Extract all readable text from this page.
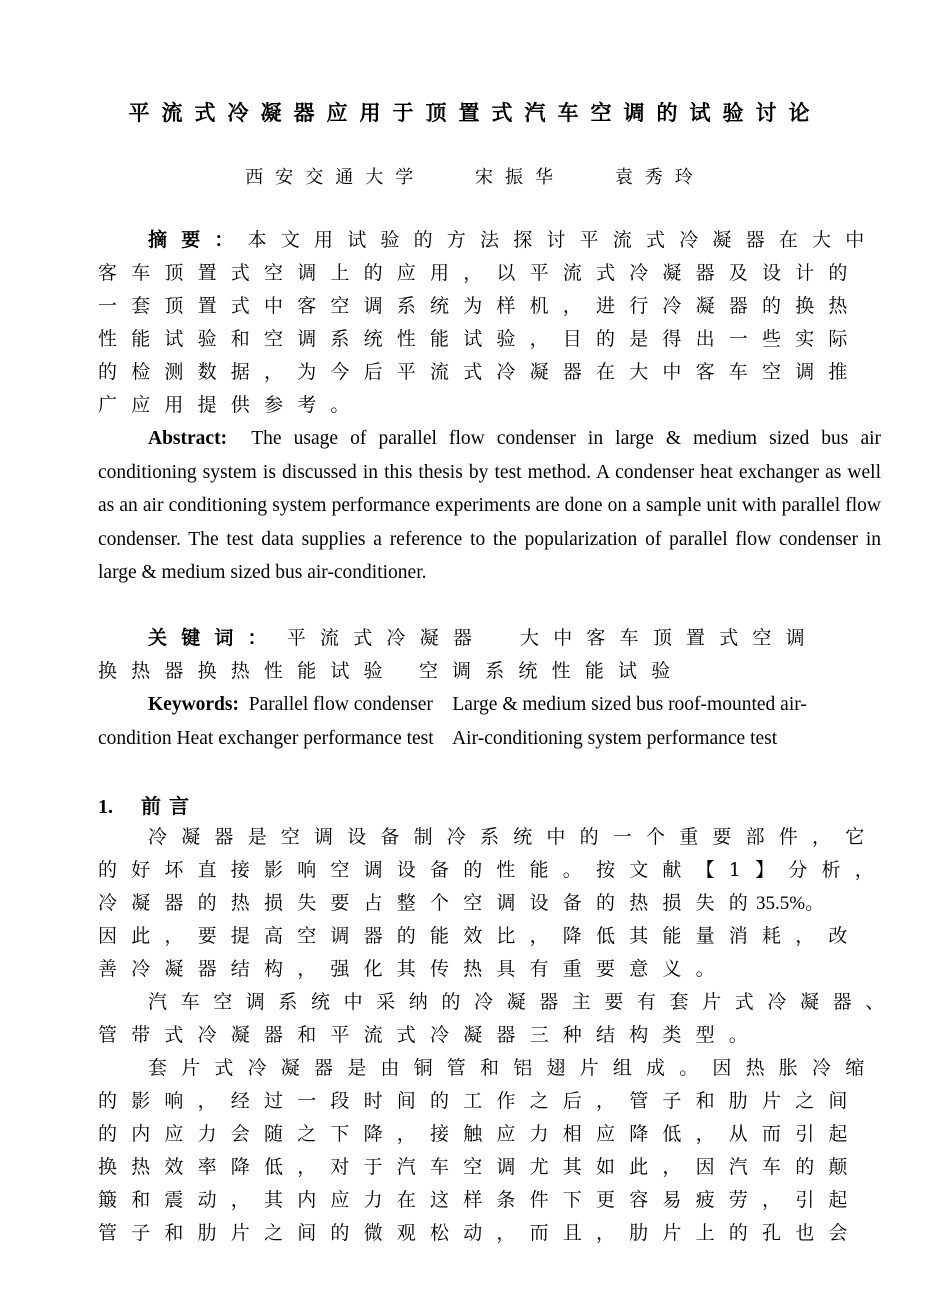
平流式冷凝器应用于顶置式汽车空调的试验讨论
西安交通大学	宋振华	袁秀玲
摘要：本文用试验的方法探讨平流式冷凝器在大中
客车顶置式空调上的应用，以平流式冷凝器及设计的
一套顶置式中客空调系统为样机，进行冷凝器的换热
性能试验和空调系统性能试验，目的是得出一些实际
的检测数据，为今后平流式冷凝器在大中客车空调推
广应用提供参考。
Abstract: The usage of parallel flow condenser in large & medium sized bus air conditioning system is discussed in this thesis by test method. A condenser heat exchanger as well as an air conditioning system performance experiments are done on a sample unit with parallel flow condenser. The test data supplies a reference to the popularization of parallel flow condenser in large & medium sized bus air-conditioner.
关键词： 平流式冷凝器 大中客车顶置式空调
换热器换热性能试验 空调系统性能试验
Keywords: Parallel flow condenser    Large & medium sized bus roof-mounted air-
condition Heat exchanger performance test    Air-conditioning system performance test
1. 前言
冷凝器是空调设备制冷系统中的一个重要部件，它
的好坏直接影响空调设备的性能。按文献【1】分析，
冷凝器的热损失要占整个空调设备的热损失的35.5%。
因此，要提高空调器的能效比，降低其能量消耗，改
善冷凝器结构，强化其传热具有重要意义。
汽车空调系统中采纳的冷凝器主要有套片式冷凝器、
管带式冷凝器和平流式冷凝器三种结构类型。
套片式冷凝器是由铜管和铝翅片组成。因热胀冷缩
的影响，经过一段时间的工作之后，管子和肋片之间
的内应力会随之下降，接触应力相应降低，从而引起
换热效率降低，对于汽车空调尤其如此，因汽车的颠
簸和震动，其内应力在这样条件下更容易疲劳，引起
管子和肋片之间的微观松动，而且，肋片上的孔也会
